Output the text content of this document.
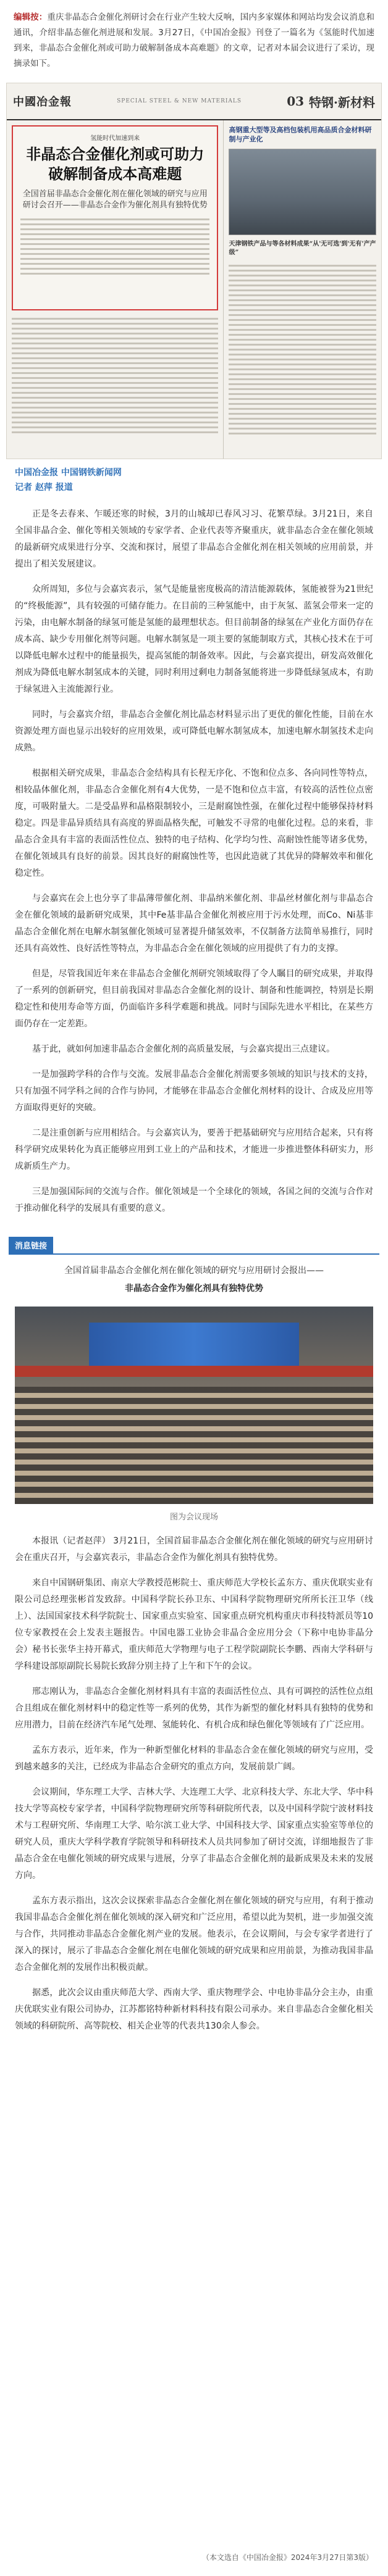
编辑按：重庆非晶态合金催化剂研讨会在行业产生较大反响，国内多家媒体和网站均发会议消息和通讯，介绍非晶态催化剂进展和发展。3月27日，《中国冶金报》刊登了一篇名为《氢能时代加速到来，非晶态合金催化剂或可助力破解制备成本高难题》的文章，记者对本届会议进行了采访，现摘录如下。
中國冶金報	SPECIAL STEEL & NEW MATERIALS	03 特钢·新材料
氢能时代加速到来
非晶态合金催化剂或可助力破解制备成本高难题
全国首届非晶态合金催化剂在催化领域的研究与应用研讨会召开——非晶态合金作为催化剂具有独特优势
高钢重大型等及高档包装机用高品质合金材料研制与产业化
天津钢铁产品与等各材料成果“从'无可选'到'无有'产产级”
中国冶金报 中国钢铁新闻网
记者 赵萍 报道

正是冬去春来、乍暖还寒的时候，3月的山城却已春风习习、花繁草绿。3月21日，来自全国非晶合金、催化等相关领域的专家学者、企业代表等齐聚重庆，就非晶态合金在催化领域的最新研究成果进行分享、交流和探讨，展望了非晶态合金催化剂在相关领域的应用前景，并提出了相关发展建议。

众所周知，多位与会嘉宾表示，氢气是能量密度极高的清洁能源载体，氢能被誉为21世纪的“终极能源”，具有较强的可储存能力。在目前的三种氢能中，由于灰氢、蓝氢会带来一定的污染，由电解水制备的绿氢可能是氢能的最理想状态。但目前制备的绿氢在产业化方面仍存在成本高、缺少专用催化剂等问题。电解水制氢是一项主要的氢能制取方式，其核心技术在于可以降低电解水过程中的能量损失，提高氢能的制备效率。因此，与会嘉宾提出，研发高效催化剂成为降低电解水制氢成本的关键，同时利用过剩电力制备氢能将进一步降低绿氢成本，有助于绿氢进入主流能源行业。

同时，与会嘉宾介绍，非晶态合金催化剂比晶态材料显示出了更优的催化性能，目前在水资源处理方面也显示出较好的应用效果，或可降低电解水制氢成本，加速电解水制氢技术走向成熟。

根据相关研究成果，非晶态合金结构具有长程无序化、不饱和位点多、各向同性等特点，相较晶体催化剂，非晶态合金催化剂有4大优势，一是不饱和位点丰富，有较高的活性位点密度，可吸附量大。二是受晶界和晶格限制较小，三是耐腐蚀性强，在催化过程中能够保持材料稳定。四是非晶异质结具有高度的界面晶格失配，可触发不寻常的电催化过程。总的来看，非晶态合金具有丰富的表面活性位点、独特的电子结构、化学均匀性、高耐蚀性能等诸多优势，在催化领域具有良好的前景。因其良好的耐腐蚀性等，也因此造就了其优异的降解效率和催化稳定性。

与会嘉宾在会上也分享了非晶薄带催化剂、非晶纳米催化剂、非晶丝材催化剂与非晶态合金在催化领域的最新研究成果，其中Fe基非晶合金催化剂被应用于污水处理，而Co、Ni基非晶态合金催化剂在电解水制氢催化领域可显著提升储氢效率，不仅制备方法简单易推行，同时还具有高效性、良好活性等特点，为非晶态合金在催化领域的应用提供了有力的支撑。

但是，尽管我国近年来在非晶态合金催化剂研究领域取得了令人瞩目的研究成果，并取得了一系列的创新研究，但目前我国对非晶态合金催化剂的设计、制备和性能调控，特别是长期稳定性和使用寿命等方面，仍面临许多科学难题和挑战。同时与国际先进水平相比，在某些方面仍存在一定差距。

基于此，就如何加速非晶态合金催化剂的高质量发展，与会嘉宾提出三点建议。

一是加强跨学科的合作与交流。发展非晶态合金催化剂需要多领域的知识与技术的支持，只有加强不同学科之间的合作与协同，才能够在非晶态合金催化剂材料的设计、合成及应用等方面取得更好的突破。

二是注重创新与应用相结合。与会嘉宾认为，要善于把基础研究与应用结合起来，只有将科学研究成果转化为真正能够应用到工业上的产品和技术，才能进一步推进整体科研实力，形成新质生产力。

三是加强国际间的交流与合作。催化领域是一个全球化的领域，各国之间的交流与合作对于推动催化科学的发展具有重要的意义。

消息链接
全国首届非晶态合金催化剂在催化领域的研究与应用研讨会报出——
非晶态合金作为催化剂具有独特优势
图为会议现场

本报讯（记者赵萍） 3月21日，全国首届非晶态合金催化剂在催化领域的研究与应用研讨会在重庆召开，与会嘉宾表示，非晶态合金作为催化剂具有独特优势。

来自中国钢研集团、南京大学教授范彬院士、重庆师范大学校长孟东方、重庆优联实业有限公司总经理张彬首发致辞。中国科学院长孙卫东、中国科学院物理研究所所长汪卫华（线上）、法国国家技术科学院院士、国家重点实验室、国家重点研究机构重庆市科技特派员等10位专家教授在会上发表主题报告。中国电器工业协会非晶合金应用分会（下称中电协非晶分会）秘书长张华主持开幕式，重庆师范大学物理与电子工程学院副院长李鹏、西南大学科研与学科建设部原副院长易院长致辞分别主持了上午和下午的会议。

邢志刚认为，非晶态合金催化剂材料具有丰富的表面活性位点、具有可调控的活性位点组合且组成在催化剂材料中的稳定性等一系列的优势，其作为新型的催化材料具有独特的优势和应用潜力，目前在经济汽车尾气处理、氢能转化、有机合成和绿色催化等领域有了广泛应用。

孟东方表示，近年来，作为一种新型催化材料的非晶态合金在催化领域的研究与应用，受到越来越多的关注，已经成为非晶态合金研究的重点方向，发展前景广阔。

会议期间，华东理工大学、吉林大学、大连理工大学、北京科技大学、东北大学、华中科技大学等高校专家学者，中国科学院物理研究所等科研院所代表，以及中国科学院宁波材料技术与工程研究所、华南理工大学、哈尔滨工业大学、中国科技大学、国家重点实验室等单位的研究人员，重庆大学科学教育学院领导和科研技术人员共同参加了研讨交流，详细地报告了非晶态合金在电催化领域的研究成果与进展，分享了非晶态合金催化剂的最新成果及未来的发展方向。

孟东方表示指出，这次会议探索非晶态合金催化剂在催化领域的研究与应用，有利于推动我国非晶态合金催化剂在催化领域的深入研究和广泛应用，希望以此为契机，进一步加强交流与合作，共同推动非晶态合金催化剂产业的发展。他表示，在会议期间，与会专家学者进行了深入的探讨，展示了非晶态合金催化剂在电催化领域的研究成果和应用前景，为推动我国非晶态合金催化剂的发展作出积极贡献。

据悉，此次会议由重庆师范大学、西南大学、重庆物理学会、中电协非晶分会主办，由重庆优联实业有限公司协办，江苏都铭特种新材料科技有限公司承办。来自非晶态合金催化相关领域的科研院所、高等院校、相关企业等的代表共130余人参会。

（本文选自《中国冶金报》2024年3月27日第3版）
